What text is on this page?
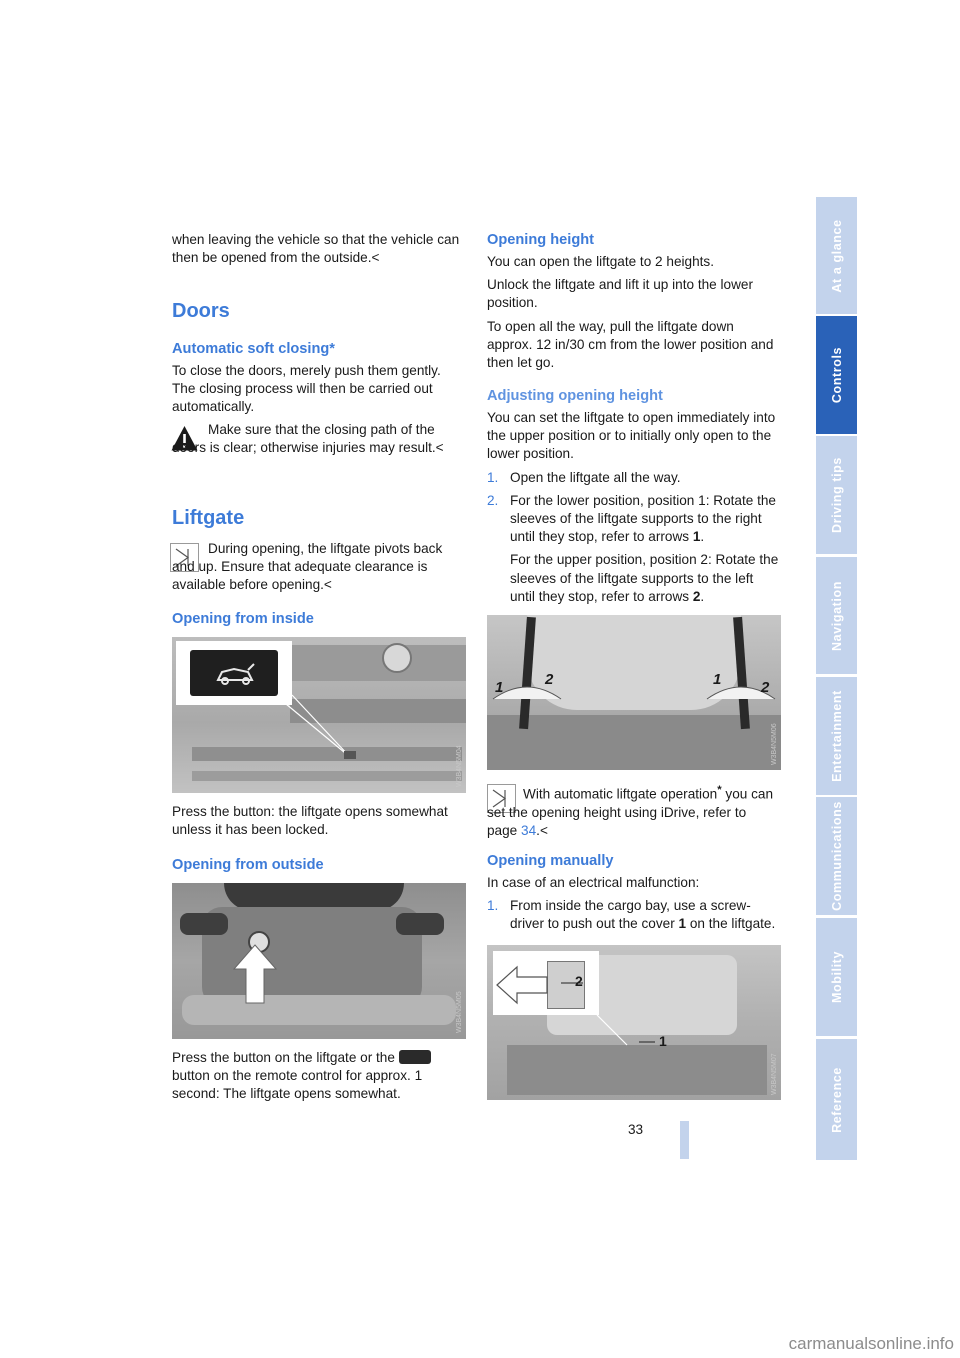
when leaving the vehicle so that the vehicle can then be opened from the outside.<

Doors
Automatic soft closing*

To close the doors, merely push them gently. The closing process will then be carried out automatically.

Make sure that the closing path of the doors is clear; otherwise injuries may result.<

Liftgate

During opening, the liftgate pivots back and up. Ensure that adequate clearance is available before opening.<

Opening from inside
W3B4N5M04

Press the button: the liftgate opens somewhat unless it has been locked.

Opening from outside
W3B4N5M05

Press the button on the liftgate or the  button on the remote control for approx. 1 second: The liftgate opens somewhat.

Opening height

You can open the liftgate to 2 heights.

Unlock the liftgate and lift it up into the lower position.

To open all the way, pull the liftgate down approx. 12 in/30 cm from the lower position and then let go.

Adjusting opening height

You can set the liftgate to open immediately into the upper position or to initially only open to the lower position.

1. Open the liftgate all the way.
2. For the lower position, position 1: Rotate the sleeves of the liftgate supports to the right until they stop, refer to arrows 1.

For the upper position, position 2: Rotate the sleeves of the liftgate supports to the left until they stop, refer to arrows 2.

1	2	1	2
W3B4N5M06

With automatic liftgate operation* you can set the opening height using iDrive, refer to page 34.<

Opening manually

In case of an electrical malfunction:

1. From inside the cargo bay, use a screw-driver to push out the cover 1 on the liftgate.
2
1
W3B4N5M07
At a glance
Controls
Driving tips
Navigation
Entertainment
Communications
Mobility
Reference
33
carmanualsonline.info
